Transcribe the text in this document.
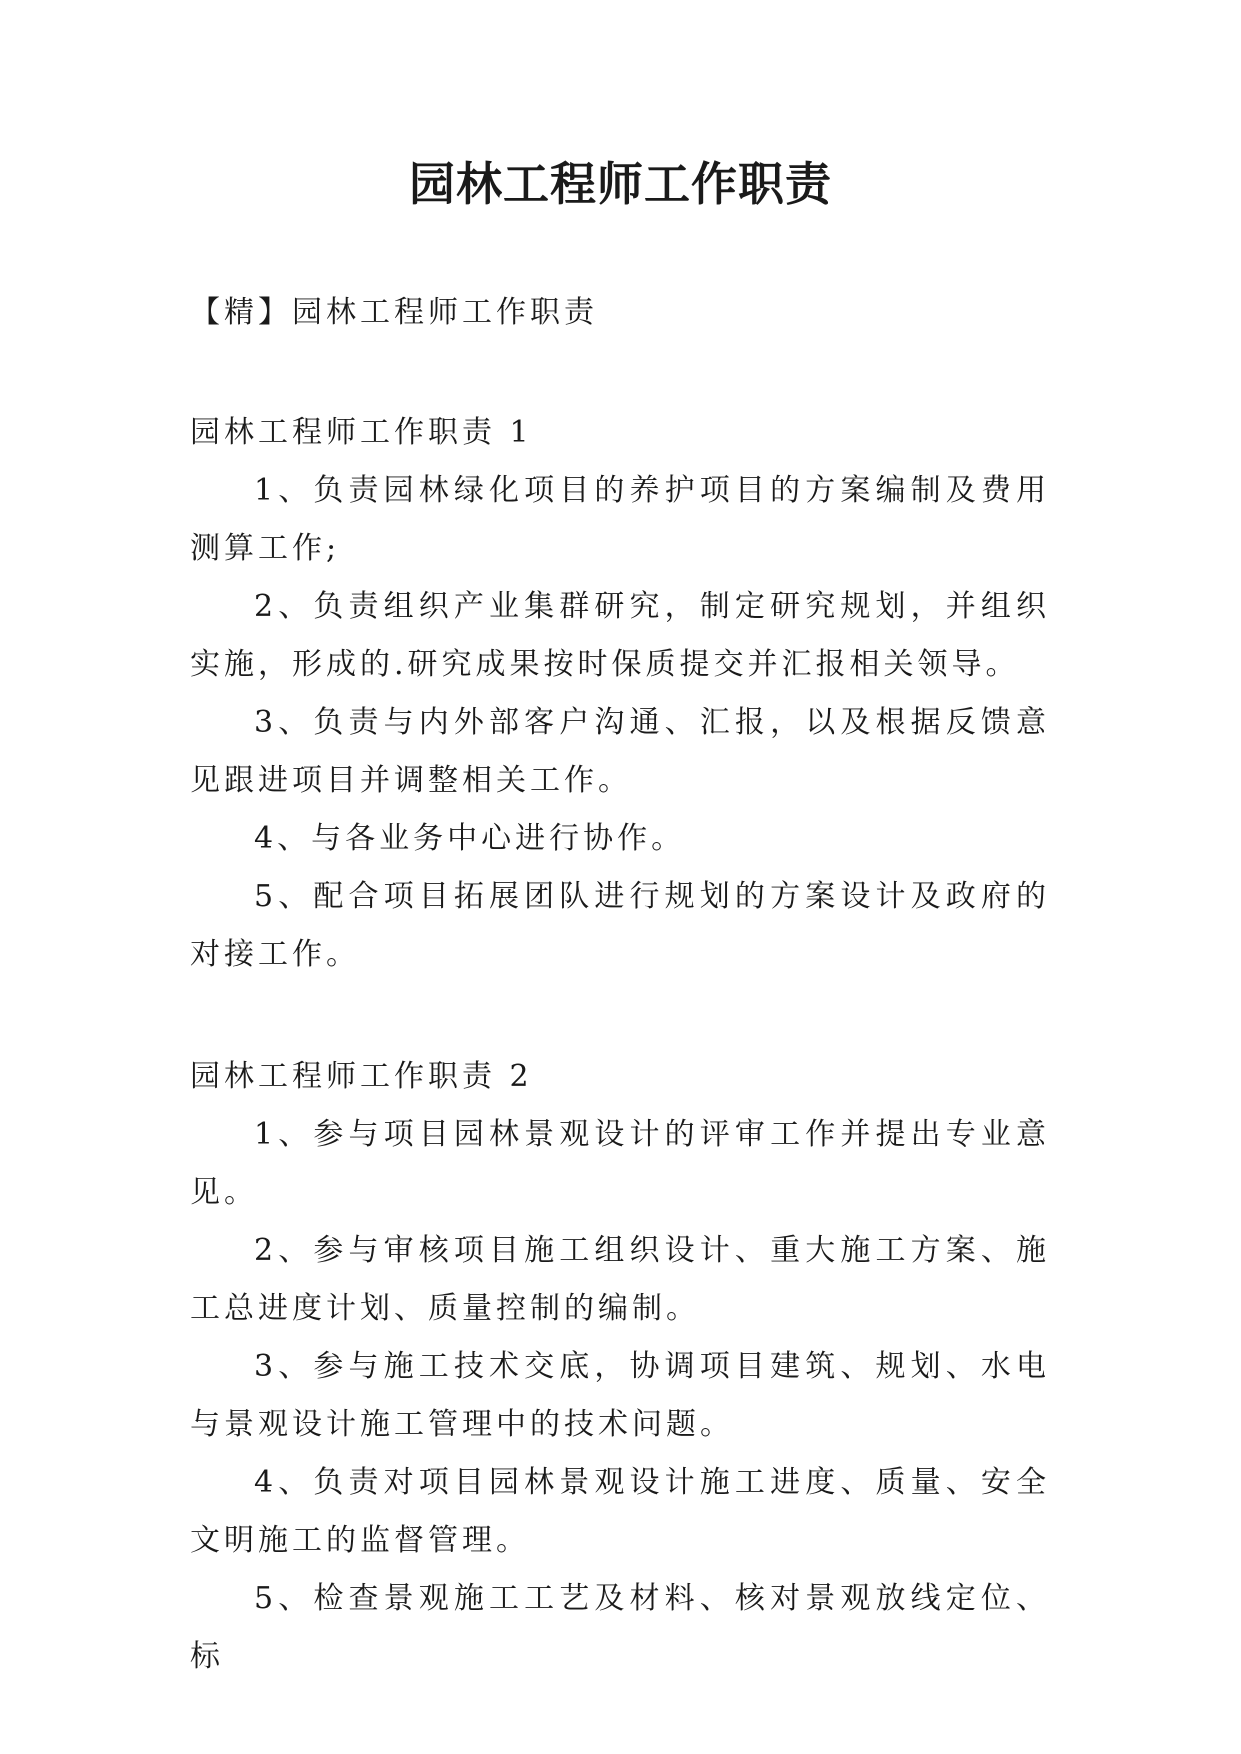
园林工程师工作职责

【精】园林工程师工作职责

园林工程师工作职责 1

1、负责园林绿化项目的养护项目的方案编制及费用测算工作;

2、负责组织产业集群研究，制定研究规划，并组织实施，形成的.研究成果按时保质提交并汇报相关领导。

3、负责与内外部客户沟通、汇报，以及根据反馈意见跟进项目并调整相关工作。

4、与各业务中心进行协作。

5、配合项目拓展团队进行规划的方案设计及政府的对接工作。

园林工程师工作职责 2

1、参与项目园林景观设计的评审工作并提出专业意见。

2、参与审核项目施工组织设计、重大施工方案、施工总进度计划、质量控制的编制。

3、参与施工技术交底，协调项目建筑、规划、水电与景观设计施工管理中的技术问题。

4、负责对项目园林景观设计施工进度、质量、安全文明施工的监督管理。

5、检查景观施工工艺及材料、核对景观放线定位、标
